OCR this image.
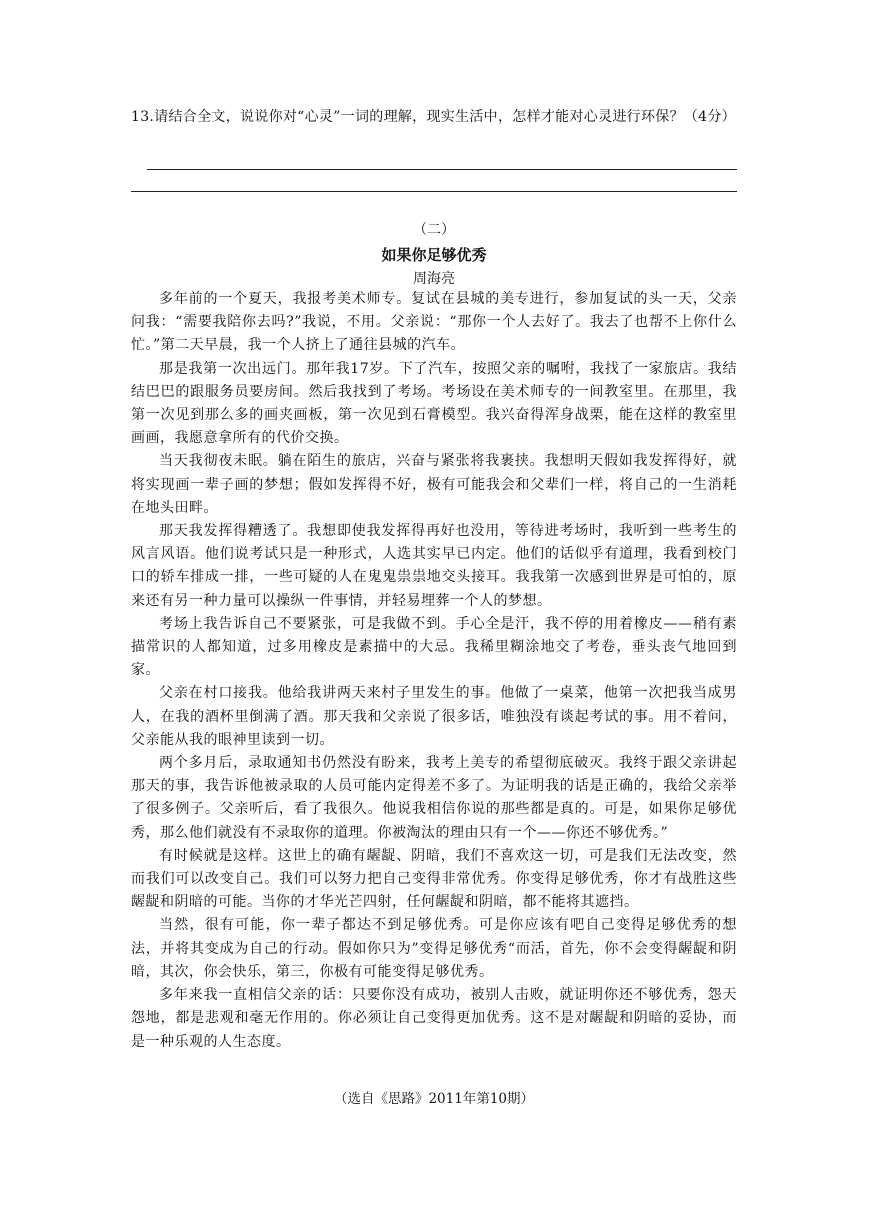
13.请结合全文，说说你对“心灵”一词的理解，现实生活中，怎样才能对心灵进行环保？（4分）
（二）
如果你足够优秀
周海亮

多年前的一个夏天，我报考美术师专。复试在县城的美专进行，参加复试的头一天，父亲问我：“需要我陪你去吗?”我说，不用。父亲说：“那你一个人去好了。我去了也帮不上你什么忙。”第二天早晨，我一个人挤上了通往县城的汽车。

那是我第一次出远门。那年我17岁。下了汽车，按照父亲的嘱咐，我找了一家旅店。我结结巴巴的跟服务员要房间。然后我找到了考场。考场设在美术师专的一间教室里。在那里，我第一次见到那么多的画夹画板，第一次见到石膏模型。我兴奋得浑身战栗，能在这样的教室里画画，我愿意拿所有的代价交换。

当天我彻夜未眠。躺在陌生的旅店，兴奋与紧张将我裹挟。我想明天假如我发挥得好，就将实现画一辈子画的梦想；假如发挥得不好，极有可能我会和父辈们一样，将自己的一生消耗在地头田畔。

那天我发挥得糟透了。我想即使我发挥得再好也没用，等待进考场时，我听到一些考生的风言风语。他们说考试只是一种形式，人选其实早已内定。他们的话似乎有道理，我看到校门口的轿车排成一排，一些可疑的人在鬼鬼祟祟地交头接耳。我我第一次感到世界是可怕的，原来还有另一种力量可以操纵一件事情，并轻易埋葬一个人的梦想。

考场上我告诉自己不要紧张，可是我做不到。手心全是汗，我不停的用着橡皮——稍有素描常识的人都知道，过多用橡皮是素描中的大忌。我稀里糊涂地交了考卷，垂头丧气地回到家。

父亲在村口接我。他给我讲两天来村子里发生的事。他做了一桌菜，他第一次把我当成男人，在我的酒杯里倒满了酒。那天我和父亲说了很多话，唯独没有谈起考试的事。用不着问，父亲能从我的眼神里读到一切。

两个多月后，录取通知书仍然没有盼来，我考上美专的希望彻底破灭。我终于跟父亲讲起那天的事，我告诉他被录取的人员可能内定得差不多了。为证明我的话是正确的，我给父亲举了很多例子。父亲听后，看了我很久。他说我相信你说的那些都是真的。可是，如果你足够优秀，那么他们就没有不录取你的道理。你被淘汰的理由只有一个——你还不够优秀。”

有时候就是这样。这世上的确有龌龊、阴暗，我们不喜欢这一切，可是我们无法改变，然而我们可以改变自己。我们可以努力把自己变得非常优秀。你变得足够优秀，你才有战胜这些龌龊和阴暗的可能。当你的才华光芒四射，任何龌龊和阴暗，都不能将其遮挡。

当然，很有可能，你一辈子都达不到足够优秀。可是你应该有吧自己变得足够优秀的想法，并将其变成为自己的行动。假如你只为”变得足够优秀“而活，首先，你不会变得龌龊和阴暗，其次，你会快乐，第三，你极有可能变得足够优秀。

多年来我一直相信父亲的话：只要你没有成功，被别人击败，就证明你还不够优秀，怨天怨地，都是悲观和毫无作用的。你必须让自己变得更加优秀。这不是对龌龊和阴暗的妥协，而是一种乐观的人生态度。

（选自《思路》2011年第10期）
